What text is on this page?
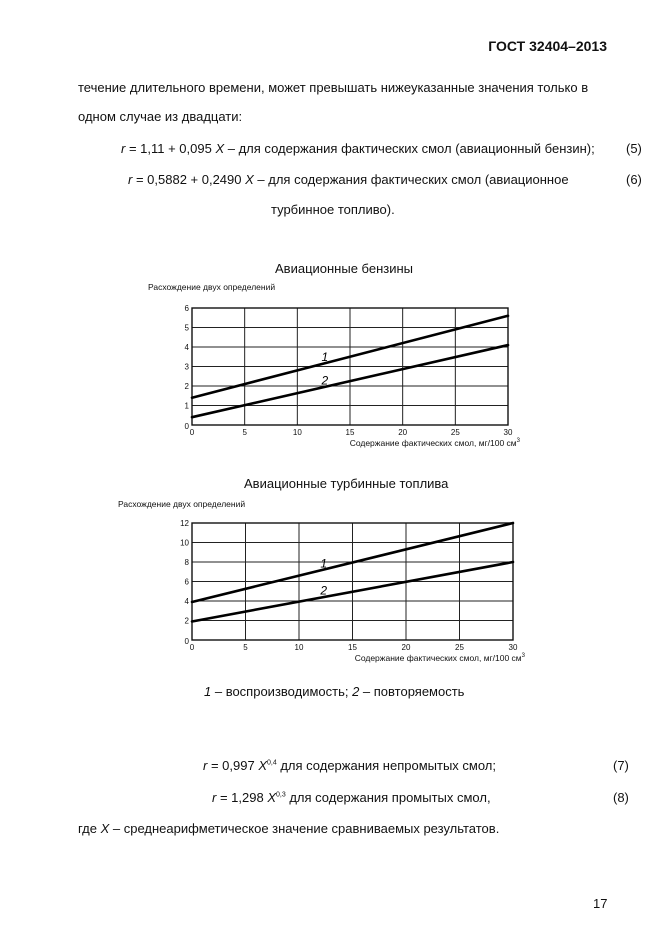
ГОСТ 32404–2013
течение длительного времени, может превышать нижеуказанные значения только в
одном случае из двадцати:
r = 1,11 + 0,095 X – для содержания фактических смол (авиационный бензин); (5)
r = 0,5882 + 0,2490 X – для содержания фактических смол (авиационное	(6)
турбинное топливо).
Авиационные бензины
Расхождение двух определений
0	5	10	15	20	25	30
1
2
3
4
5
6
0
1
2
Содержание фактических смол, мг/100 $см^3$
Авиационные турбинные топлива
Расхождение двух определений
0	5	10	15	20	25	30
2
4
6
8
10
12
0
1
2
Содержание фактических смол, мг/100 $см^3$
1 – воспроизводимость; 2 – повторяемость
r = 0,997 X$^{0,4}$ для содержания непромытых смол;	(7)
r = 1,298 X$^{0,3}$ для содержания промытых смол,	(8)
где X – среднеарифметическое значение сравниваемых результатов.
17
